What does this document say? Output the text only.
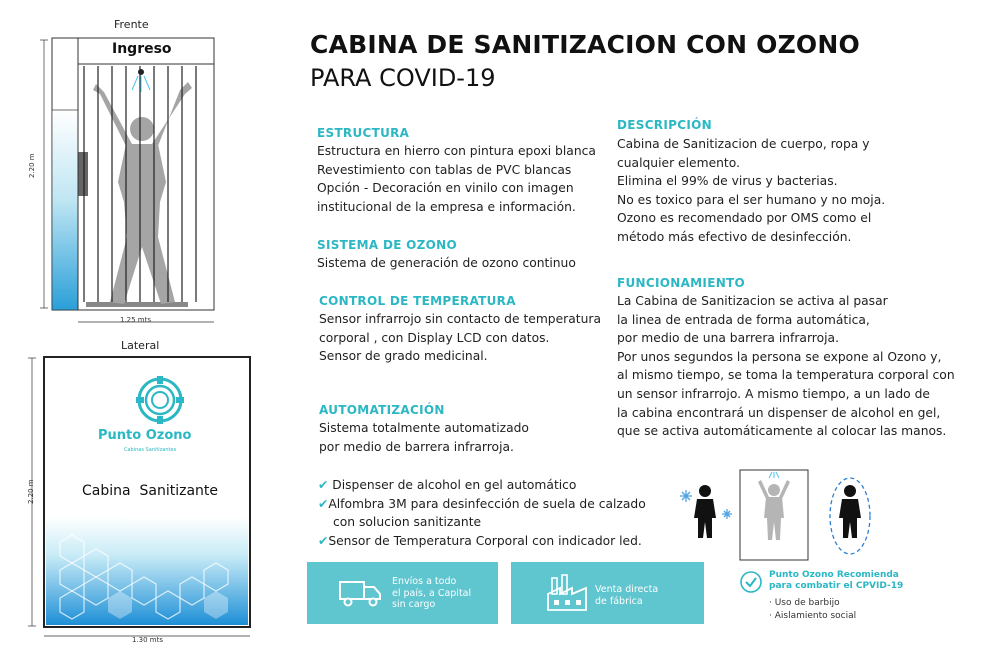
Frente
Ingreso
2.20 m
1.25 mts
Lateral
Punto Ozono
Cabinas Sanitizantes
Cabina  Sanitizante
2.20 m
1.30 mts
CABINA DE SANITIZACION CON OZONO
PARA COVID-19
ESTRUCTURA
Estructura en hierro con pintura epoxi blanca
Revestimiento con tablas de PVC blancas
Opción - Decoración en vinilo con imagen
institucional de la empresa e información.
SISTEMA DE OZONO
Sistema de generación de ozono continuo
CONTROL DE TEMPERATURA
Sensor infrarrojo sin contacto de temperatura
corporal , con Display LCD con datos.
Sensor de grado medicinal.
AUTOMATIZACIÓN
Sistema totalmente automatizado
por medio de barrera infrarroja.
✔ Dispenser de alcohol en gel automático
✔Alfombra 3M para desinfección de suela de calzado
con solucion sanitizante
✔Sensor de Temperatura Corporal con indicador led.
DESCRIPCIÓN
Cabina de Sanitizacion de cuerpo, ropa y
cualquier elemento.
Elimina el 99% de virus y bacterias.
No es toxico para el ser humano y no moja.
Ozono es recomendado por OMS como el
método más efectivo de desinfección.
FUNCIONAMIENTO
La Cabina de Sanitizacion se activa al pasar
la linea de entrada de forma automática,
por medio de una barrera infrarroja.
Por unos segundos la persona se expone al Ozono y,
al mismo tiempo, se toma la temperatura corporal con
un sensor infrarrojo. A mismo tiempo, a un lado de
la cabina encontrará un dispenser de alcohol en gel,
que se activa automáticamente al colocar las manos.
Envíos a todo
el país, a Capital
sin cargo
Venta directa
de fábrica
Punto Ozono Recomienda
para combatir el CPVID-19
· Uso de barbijo
· Aislamiento social
